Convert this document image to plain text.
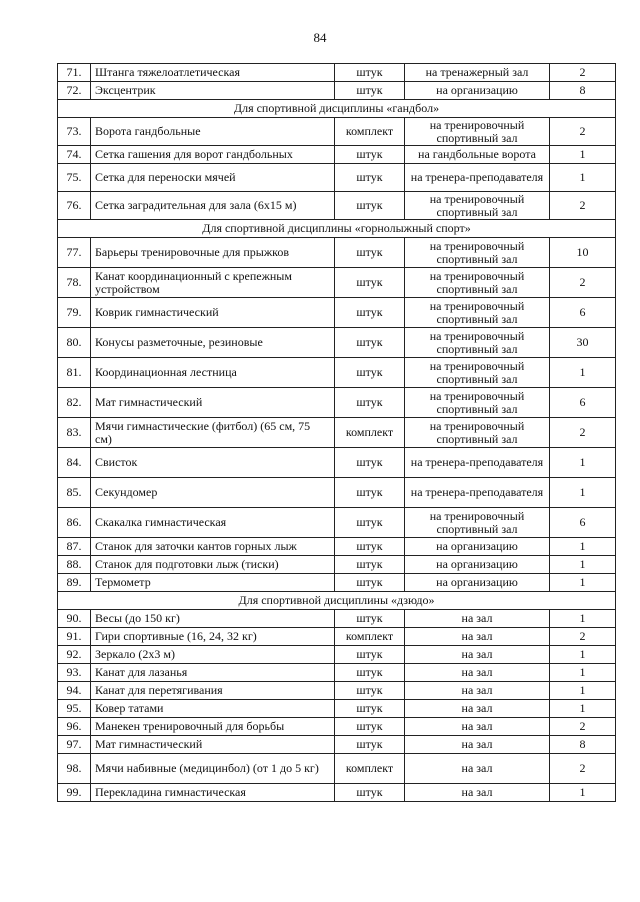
84
71.	Штанга тяжелоатлетическая	штук	на тренажерный зал	2
72.	Эксцентрик	штук	на организацию	8
Для спортивной дисциплины «гандбол»				
73.	Ворота гандбольные	комплект	на тренировочный спортивный зал	2
74.	Сетка гашения для ворот гандбольных	штук	на гандбольные ворота	1
75.	Сетка для переноски мячей	штук	на тренера-преподавателя	1
76.	Сетка заградительная для зала (6x15 м)	штук	на тренировочный спортивный зал	2
Для спортивной дисциплины «горнолыжный спорт»				
77.	Барьеры тренировочные для прыжков	штук	на тренировочный спортивный зал	10
78.	Канат координационный с крепежным устройством	штук	на тренировочный спортивный зал	2
79.	Коврик гимнастический	штук	на тренировочный спортивный зал	6
80.	Конусы разметочные, резиновые	штук	на тренировочный спортивный зал	30
81.	Координационная лестница	штук	на тренировочный спортивный зал	1
82.	Мат гимнастический	штук	на тренировочный спортивный зал	6
83.	Мячи гимнастические (фитбол) (65 см, 75 см)	комплект	на тренировочный спортивный зал	2
84.	Свисток	штук	на тренера-преподавателя	1
85.	Секундомер	штук	на тренера-преподавателя	1
86.	Скакалка гимнастическая	штук	на тренировочный спортивный зал	6
87.	Станок для заточки кантов горных лыж	штук	на организацию	1
88.	Станок для подготовки лыж (тиски)	штук	на организацию	1
89.	Термометр	штук	на организацию	1
Для спортивной дисциплины «дзюдо»				
90.	Весы (до 150 кг)	штук	на зал	1
91.	Гири спортивные (16, 24, 32 кг)	комплект	на зал	2
92.	Зеркало (2x3 м)	штук	на зал	1
93.	Канат для лазанья	штук	на зал	1
94.	Канат для перетягивания	штук	на зал	1
95.	Ковер татами	штук	на зал	1
96.	Манекен тренировочный для борьбы	штук	на зал	2
97.	Мат гимнастический	штук	на зал	8
98.	Мячи набивные (медицинбол) (от 1 до 5 кг)	комплект	на зал	2
99.	Перекладина гимнастическая	штук	на зал	1
